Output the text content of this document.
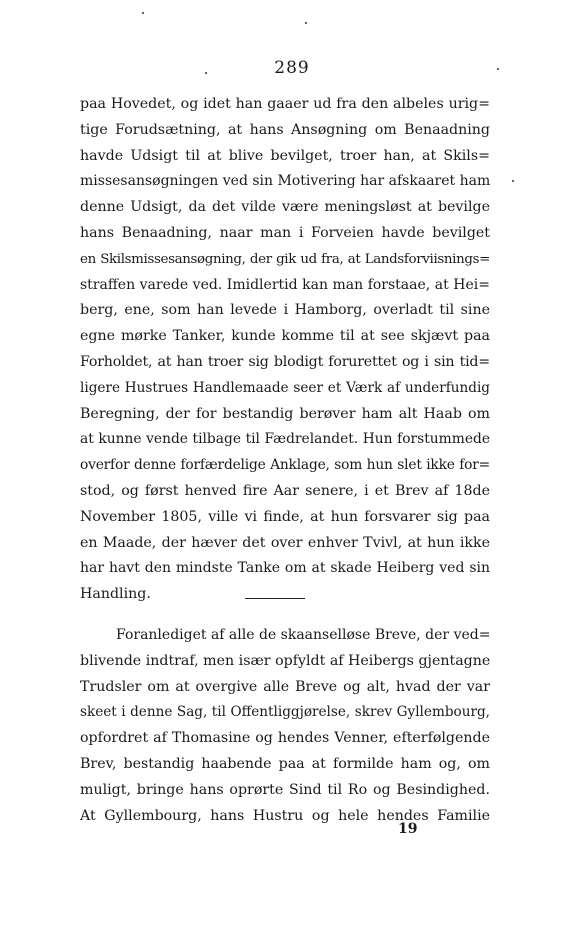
289
paa Hovedet, og idet han gaaer ud fra den albeles urig=
tige Forudsætning, at hans Ansøgning om Benaadning
havde Udsigt til at blive bevilget, troer han, at Skils=
missesansøgningen ved sin Motivering har afskaaret ham
denne Udsigt, da det vilde være meningsløst at bevilge
hans Benaadning, naar man i Forveien havde bevilget
en Skilsmissesansøgning, der gik ud fra, at Landsforviisnings=
straffen varede ved. Imidlertid kan man forstaae, at Hei=
berg, ene, som han levede i Hamborg, overladt til sine
egne mørke Tanker, kunde komme til at see skjævt paa
Forholdet, at han troer sig blodigt forurettet og i sin tid=
ligere Hustrues Handlemaade seer et Værk af underfundig
Beregning, der for bestandig berøver ham alt Haab om
at kunne vende tilbage til Fædrelandet. Hun forstummede
overfor denne forfærdelige Anklage, som hun slet ikke for=
stod, og først henved fire Aar senere, i et Brev af 18de
November 1805, ville vi finde, at hun forsvarer sig paa
en Maade, der hæver det over enhver Tvivl, at hun ikke
har havt den mindste Tanke om at skade Heiberg ved sin
Handling.
Foranlediget af alle de skaanselløse Breve, der ved=
blivende indtraf, men især opfyldt af Heibergs gjentagne
Trudsler om at overgive alle Breve og alt, hvad der var
skeet i denne Sag, til Offentliggjørelse, skrev Gyllembourg,
opfordret af Thomasine og hendes Venner, efterfølgende
Brev, bestandig haabende paa at formilde ham og, om
muligt, bringe hans oprørte Sind til Ro og Besindighed.
At Gyllembourg, hans Hustru og hele hendes Familie
19
